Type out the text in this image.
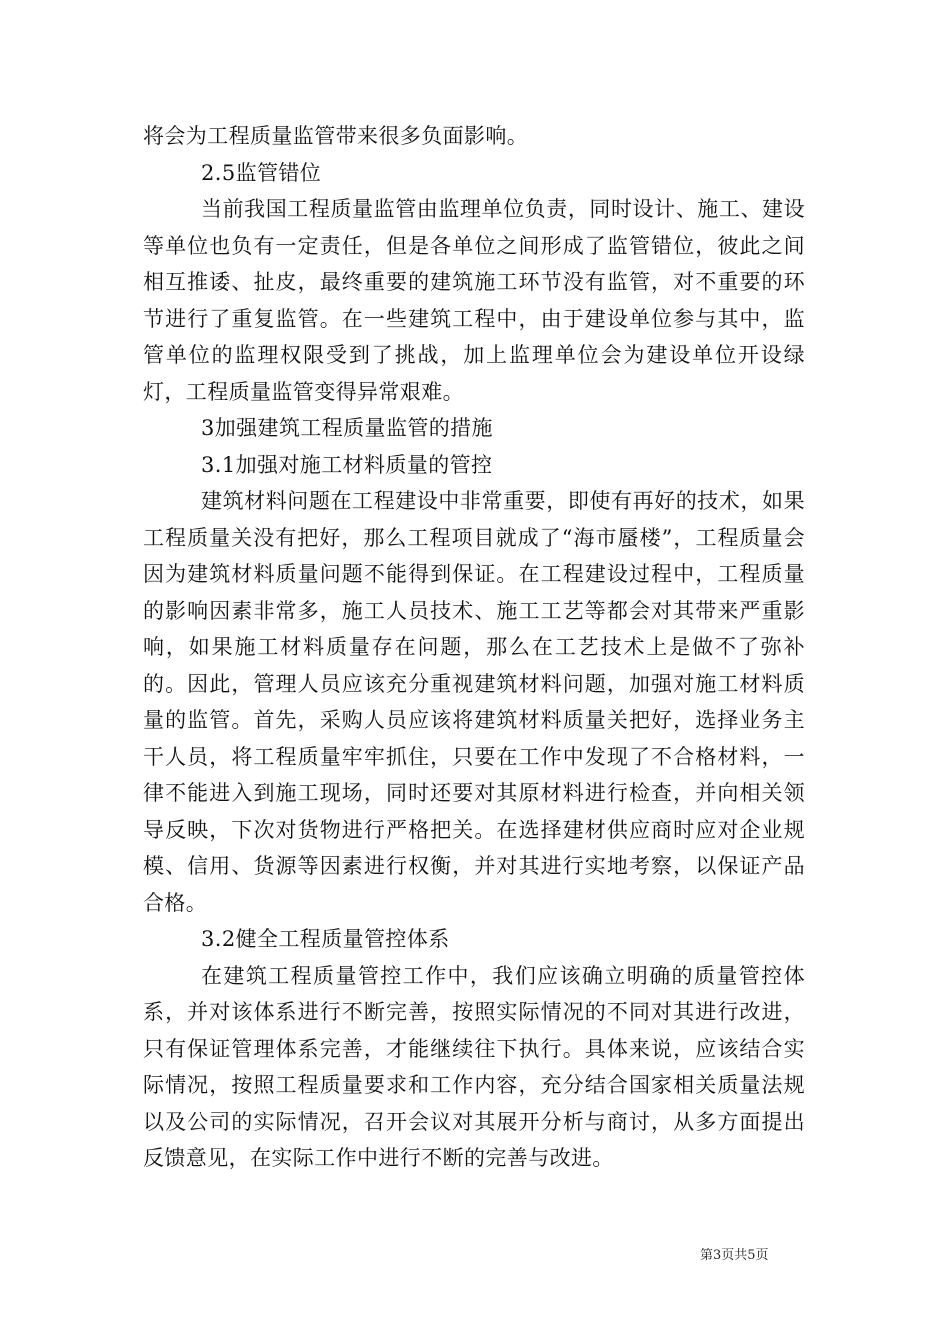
将会为工程质量监管带来很多负面影响。

2.5监管错位

当前我国工程质量监管由监理单位负责，同时设计、施工、建设等单位也负有一定责任，但是各单位之间形成了监管错位，彼此之间相互推诿、扯皮，最终重要的建筑施工环节没有监管，对不重要的环节进行了重复监管。在一些建筑工程中，由于建设单位参与其中，监管单位的监理权限受到了挑战，加上监理单位会为建设单位开设绿灯，工程质量监管变得异常艰难。

3加强建筑工程质量监管的措施

3.1加强对施工材料质量的管控

建筑材料问题在工程建设中非常重要，即使有再好的技术，如果工程质量关没有把好，那么工程项目就成了“海市蜃楼”，工程质量会因为建筑材料质量问题不能得到保证。在工程建设过程中，工程质量的影响因素非常多，施工人员技术、施工工艺等都会对其带来严重影响，如果施工材料质量存在问题，那么在工艺技术上是做不了弥补的。因此，管理人员应该充分重视建筑材料问题，加强对施工材料质量的监管。首先，采购人员应该将建筑材料质量关把好，选择业务主干人员，将工程质量牢牢抓住，只要在工作中发现了不合格材料，一律不能进入到施工现场，同时还要对其原材料进行检查，并向相关领导反映，下次对货物进行严格把关。在选择建材供应商时应对企业规模、信用、货源等因素进行权衡，并对其进行实地考察，以保证产品合格。

3.2健全工程质量管控体系

在建筑工程质量管控工作中，我们应该确立明确的质量管控体系，并对该体系进行不断完善，按照实际情况的不同对其进行改进，只有保证管理体系完善，才能继续往下执行。具体来说，应该结合实际情况，按照工程质量要求和工作内容，充分结合国家相关质量法规以及公司的实际情况，召开会议对其展开分析与商讨，从多方面提出反馈意见，在实际工作中进行不断的完善与改进。

第3页共5页
